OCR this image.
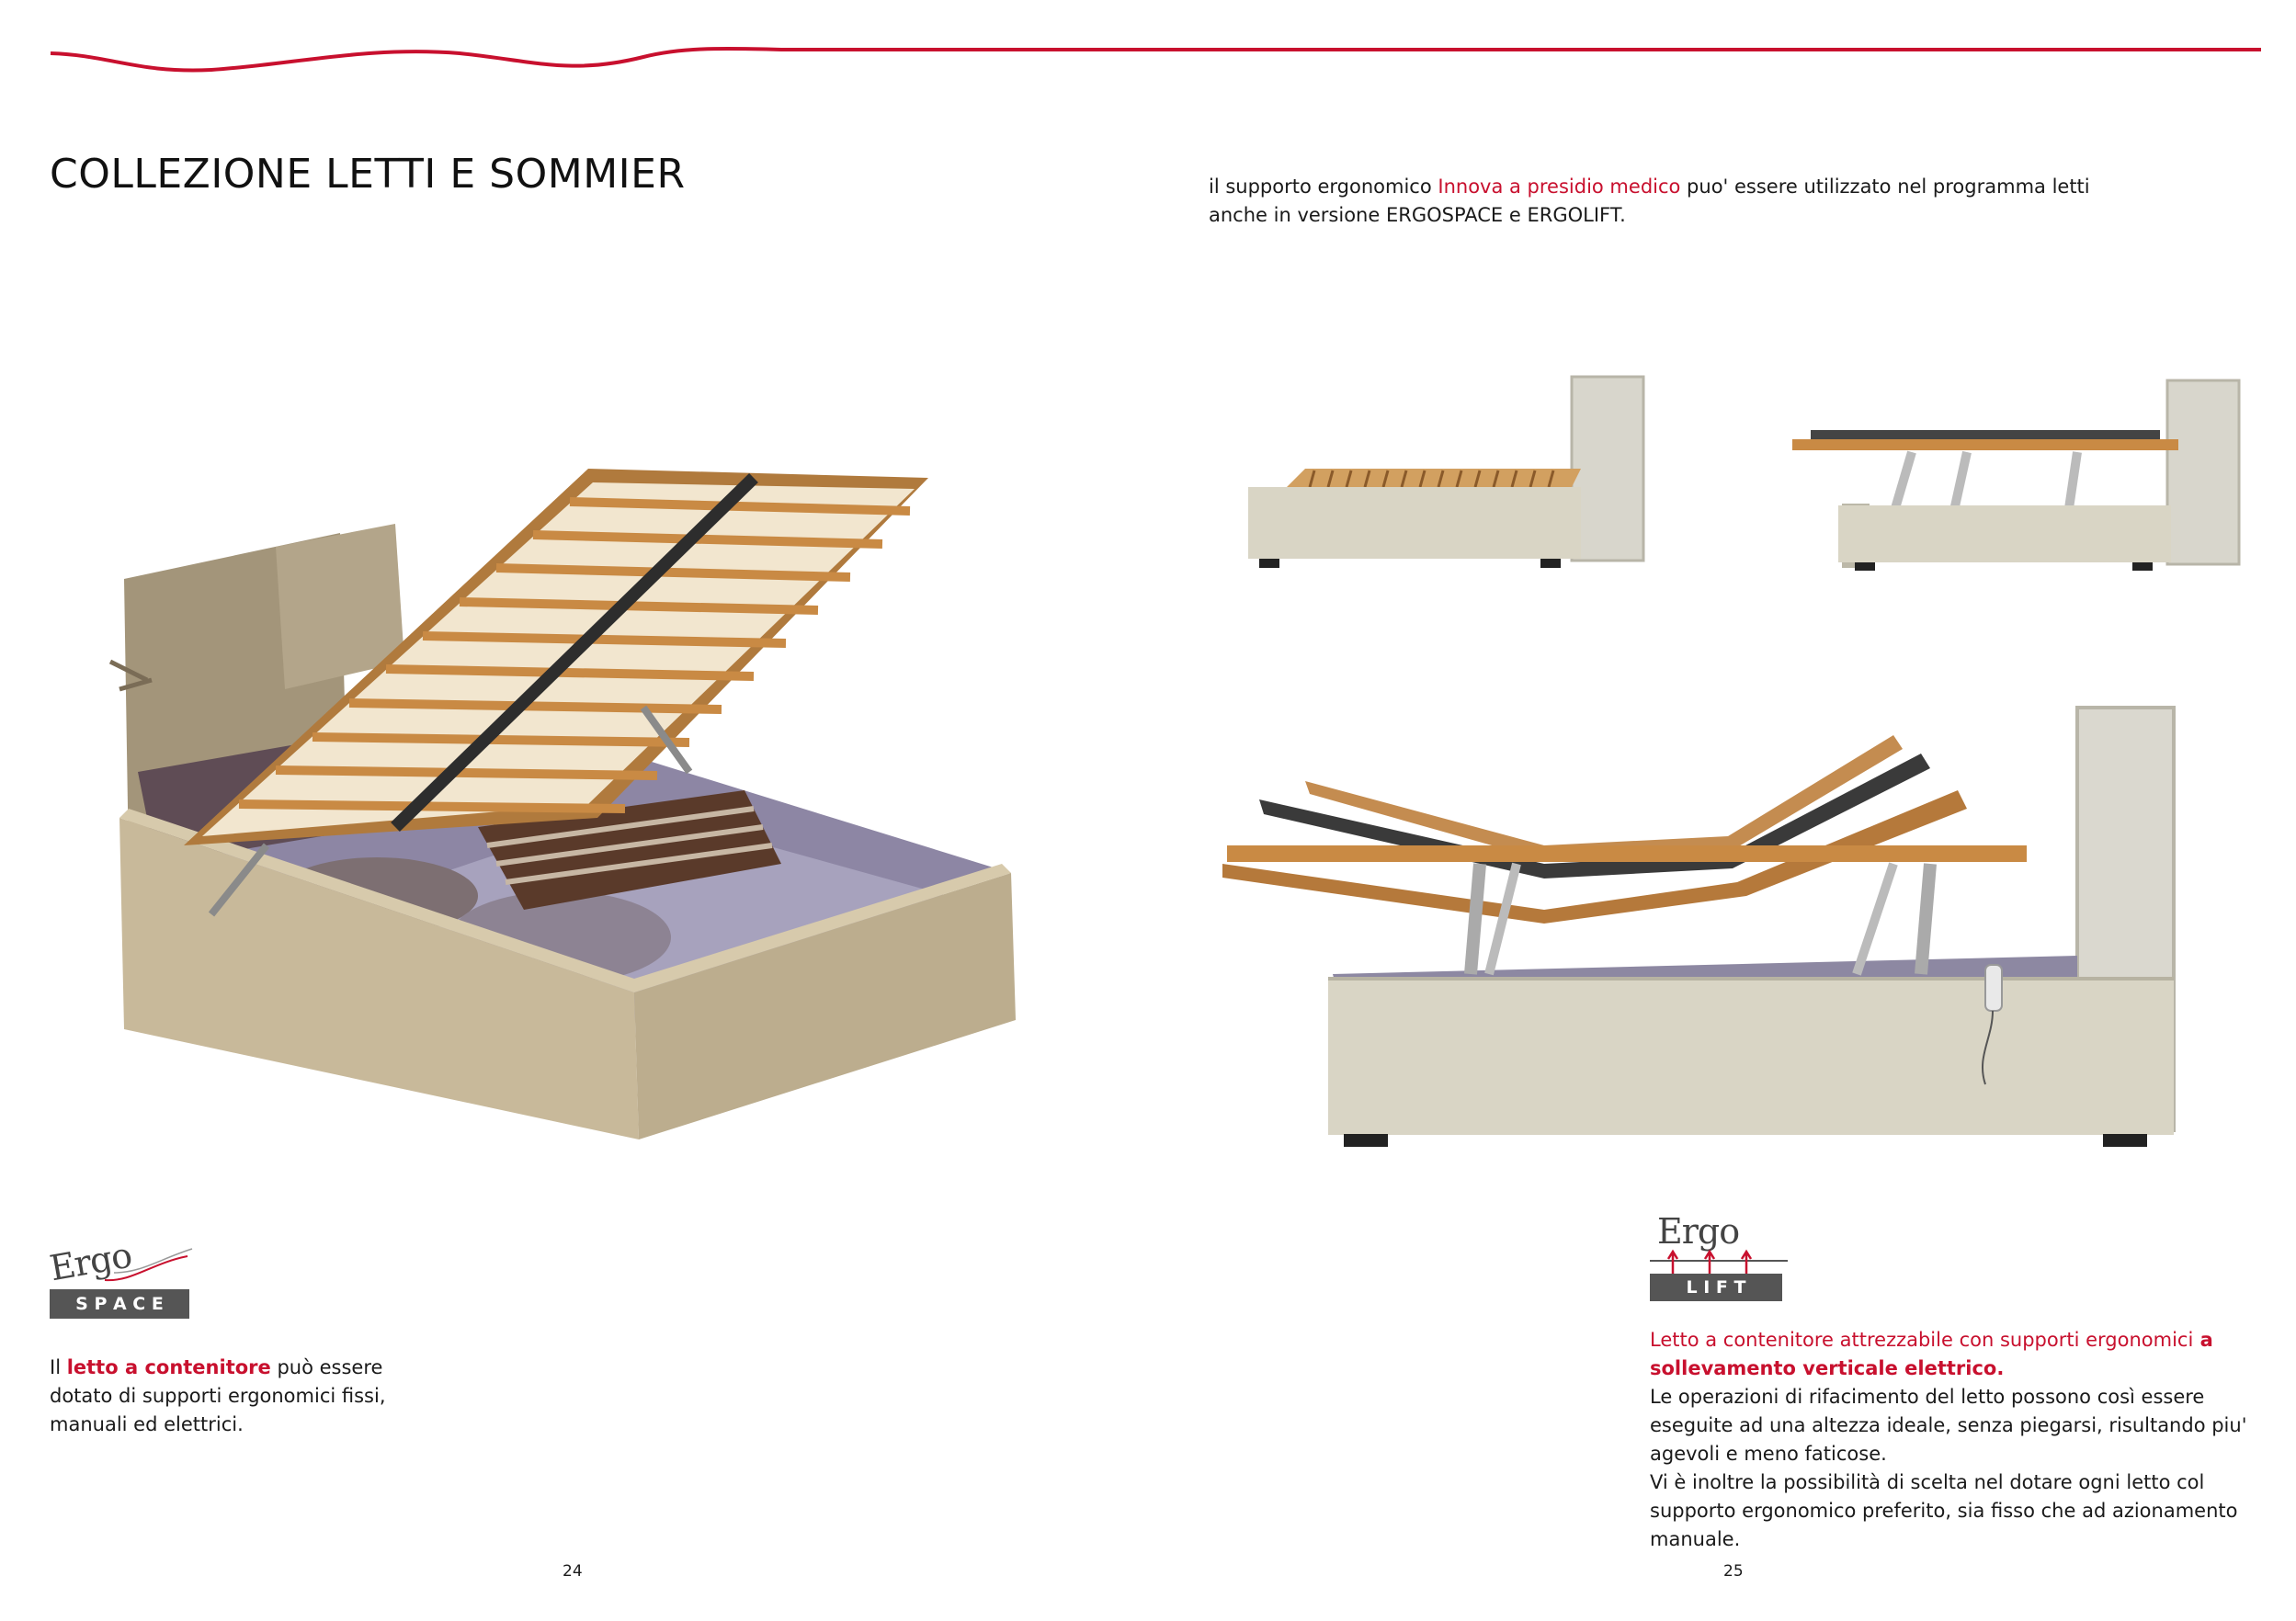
COLLEZIONE LETTI E SOMMIER	il supporto ergonomico Innova a presidio medico puo' essere utilizzato nel programma letti anche in versione ERGOSPACE e ERGOLIFT.
Ergo
S P A C E
Ergo
L I F T
Il letto a contenitore può essere dotato di supporti ergonomici fissi, manuali ed elettrici.
Letto a contenitore attrezzabile con supporti ergonomici a sollevamento verticale elettrico.
Le operazioni di rifacimento del letto possono così essere eseguite ad una altezza ideale, senza piegarsi, risultando piu' agevoli e meno faticose.
Vi è inoltre la possibilità di scelta nel dotare ogni letto col supporto ergonomico preferito, sia fisso che ad azionamento manuale.
24	25
